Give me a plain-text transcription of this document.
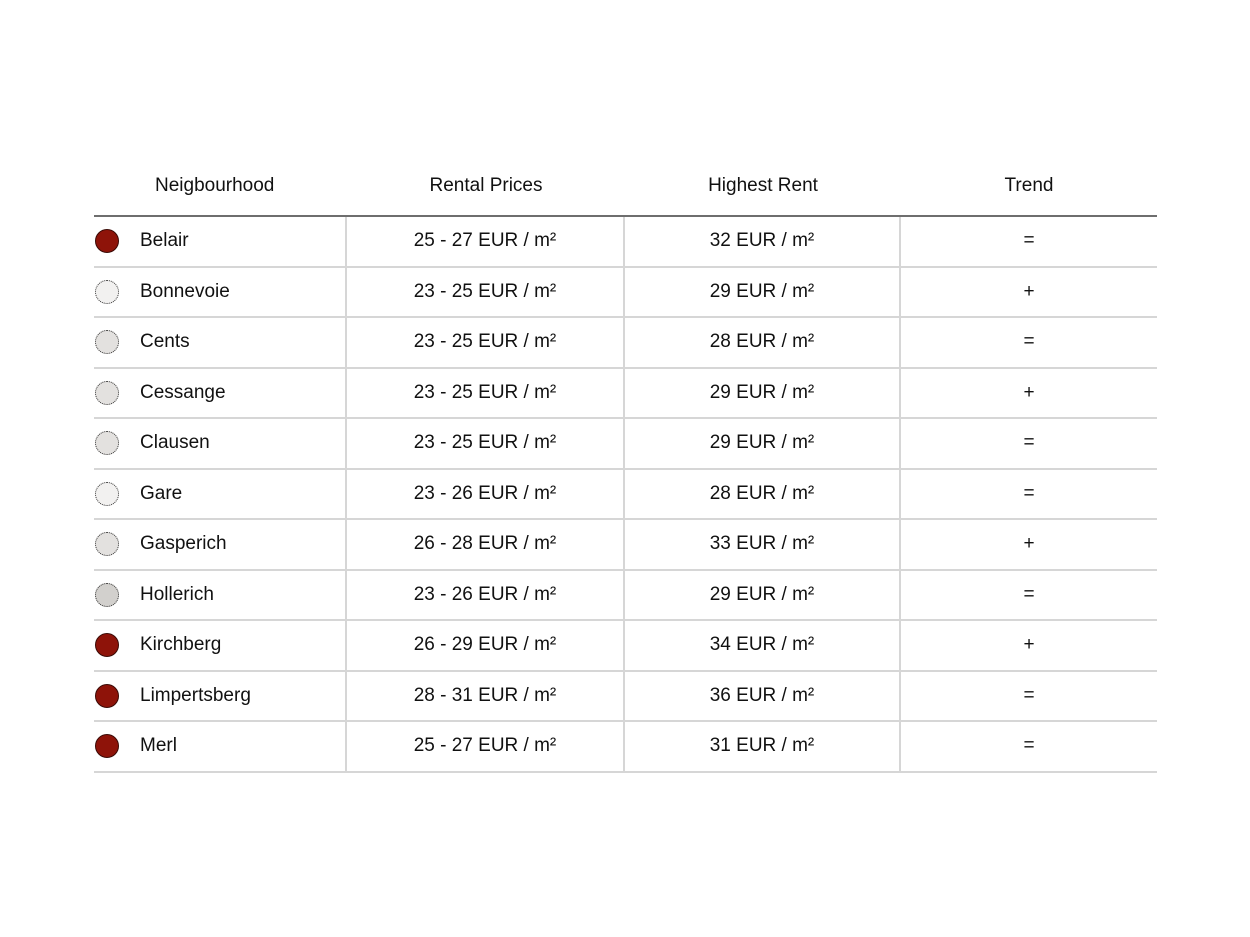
Neigbourhood	Rental Prices	Highest Rent	Trend
Belair	25 - 27 EUR / m²	32 EUR / m²	=
Bonnevoie	23 - 25 EUR / m²	29 EUR / m²	+
Cents	23 - 25 EUR / m²	28 EUR / m²	=
Cessange	23 - 25 EUR / m²	29 EUR / m²	+
Clausen	23 - 25 EUR / m²	29 EUR / m²	=
Gare	23 - 26 EUR / m²	28 EUR / m²	=
Gasperich	26 - 28 EUR / m²	33 EUR / m²	+
Hollerich	23 - 26 EUR / m²	29 EUR / m²	=
Kirchberg	26 - 29 EUR / m²	34 EUR / m²	+
Limpertsberg	28 - 31 EUR / m²	36 EUR / m²	=
Merl	25 - 27 EUR / m²	31 EUR / m²	=
